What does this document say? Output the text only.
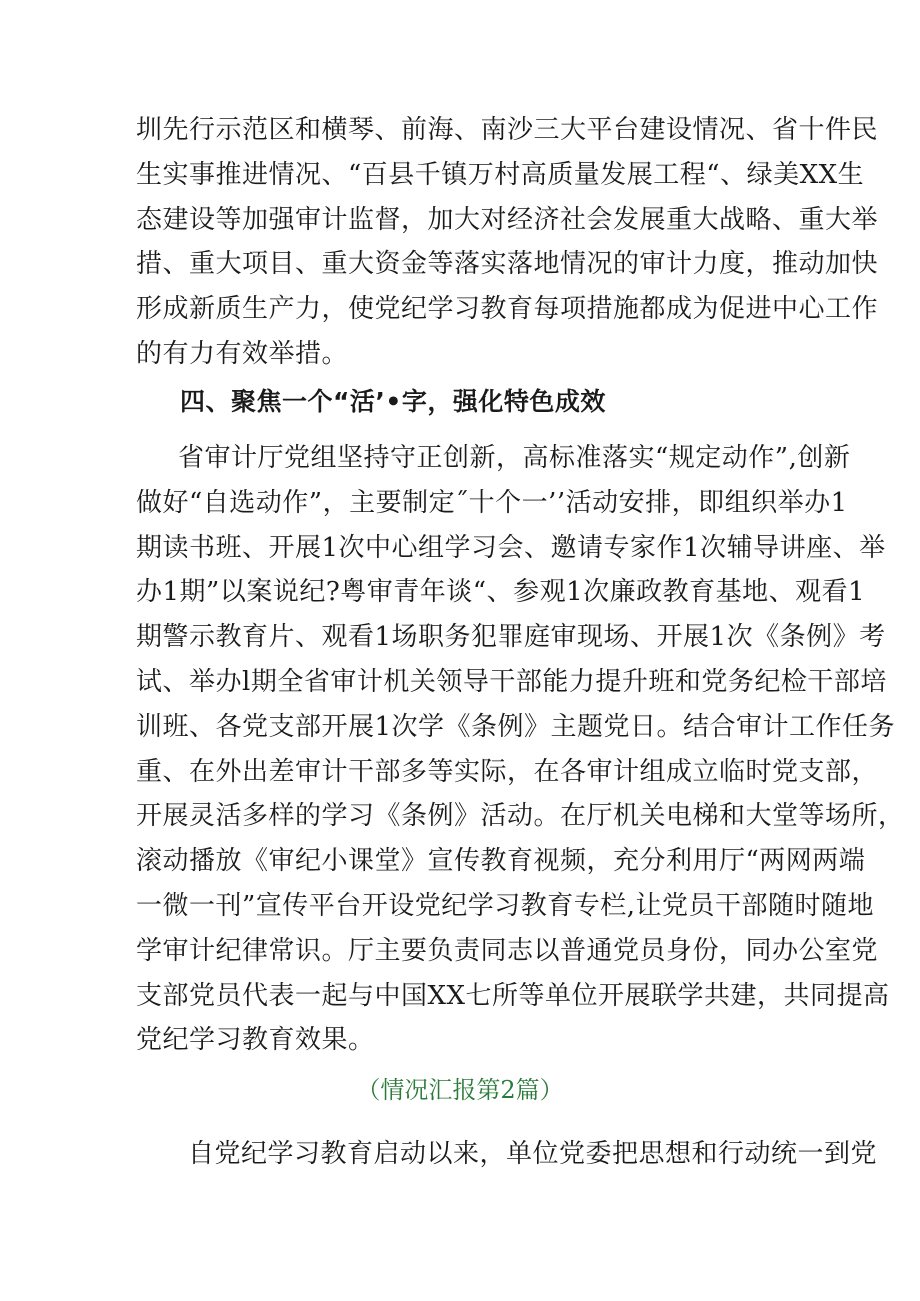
圳先行示范区和横琴、前海、南沙三大平台建设情况、省十件民
生实事推进情况、“百县千镇万村高质量发展工程“、绿美XX生
态建设等加强审计监督，加大对经济社会发展重大战略、重大举
措、重大项目、重大资金等落实落地情况的审计力度，推动加快
形成新质生产力，使党纪学习教育每项措施都成为促进中心工作
的有力有效举措。
四、聚焦一个“活’•字，强化特色成效
省审计厅党组坚持守正创新，高标准落实“规定动作”,创新
做好“自选动作”，主要制定˝十个一’’活动安排，即组织举办1
期读书班、开展1次中心组学习会、邀请专家作1次辅导讲座、举
办1期”以案说纪?粤审青年谈“、参观1次廉政教育基地、观看1
期警示教育片、观看1场职务犯罪庭审现场、开展1次《条例》考
试、举办l期全省审计机关领导干部能力提升班和党务纪检干部培
训班、各党支部开展1次学《条例》主题党日。结合审计工作任务
重、在外出差审计干部多等实际，在各审计组成立临时党支部，
开展灵活多样的学习《条例》活动。在厅机关电梯和大堂等场所，
滚动播放《审纪小课堂》宣传教育视频，充分利用厅“两网两端
一微一刊”宣传平台开设党纪学习教育专栏,让党员干部随时随地
学审计纪律常识。厅主要负责同志以普通党员身份，同办公室党
支部党员代表一起与中国XX七所等单位开展联学共建，共同提高
党纪学习教育效果。

（情况汇报第2篇）

自党纪学习教育启动以来，单位党委把思想和行动统一到党
